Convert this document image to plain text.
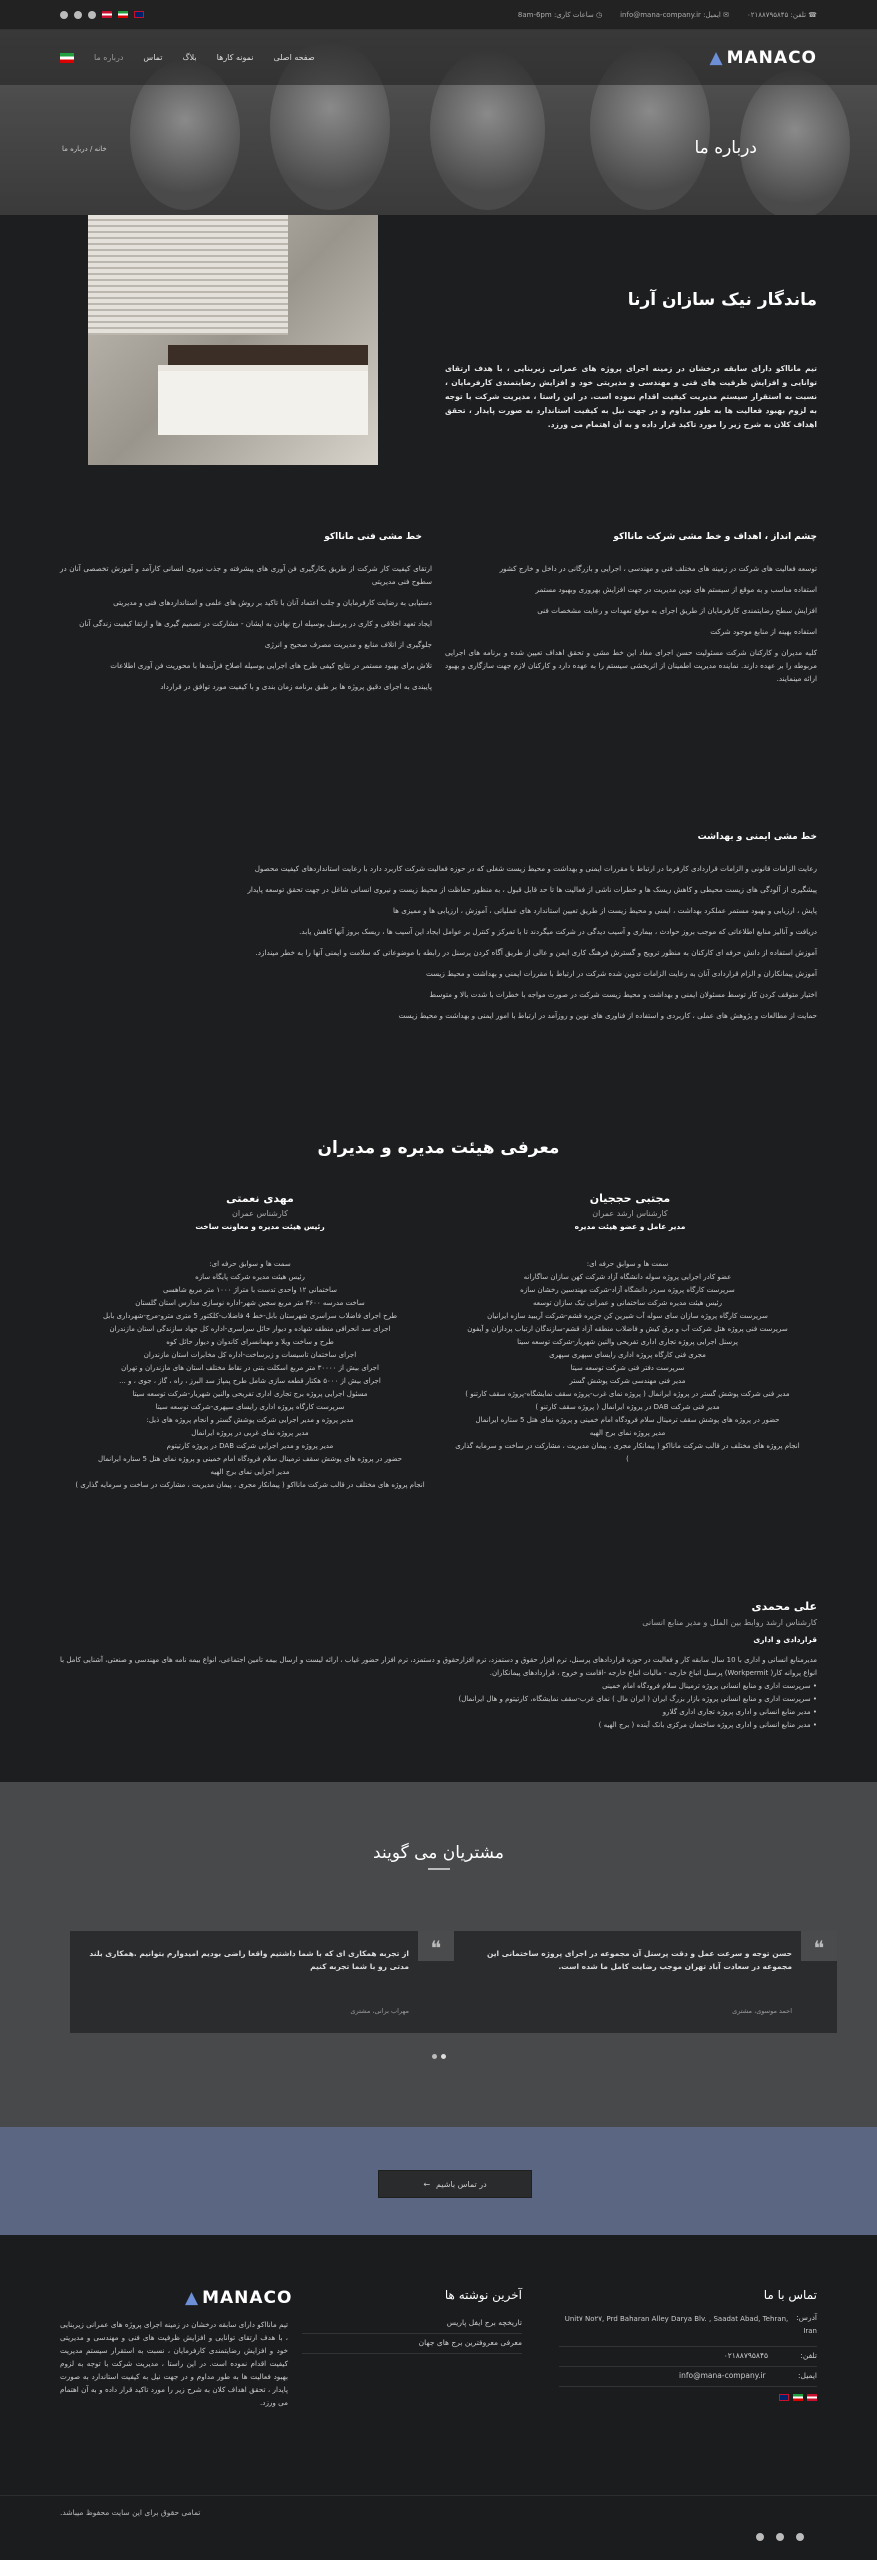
☎ تلفن: ۰۲۱۸۸۷۹۵۸۴۵
✉ ایمیل: info@mana-company.ir
◷ ساعات کاری: 8am-6pm
صفحه اصلی
نمونه کارها
بلاگ
تماس
درباره ما	▲ MANACO
درباره ما
خانه / درباره ما
ماندگار نیک سازان آرنا
تیم مانااکو دارای سابقه درخشان در زمینه اجرای پروژه های عمرانی زیربنایی ، با هدف ارتقای توانایی و افزایش ظرفیت های فنی و مهندسی و مدیریتی خود و افزایش رضایتمندی کارفرمایان ، نسبت به استقرار سیستم مدیریت کیفیت اقدام نموده است. در این راستا ، مدیریت شرکت با توجه به لزوم بهبود فعالیت ها به طور مداوم و در جهت نیل به کیفیت استاندارد به صورت پایدار ، تحقق اهداف کلان به شرح زیر را مورد تاکید قرار داده و به آن اهتمام می ورزد.
چشم انداز ، اهداف و خط مشی شرکت مانااکو
توسعه فعالیت های شرکت در زمینه های مختلف فنی و مهندسی ، اجرایی و بازرگانی در داخل و خارج کشور
استفاده مناسب و به موقع از سیستم های نوین مدیریت در جهت افزایش بهروری وبهبود مستمر
افزایش سطح رضایتمندی کارفرمایان از طریق اجرای به موقع تعهدات و رعایت مشخصات فنی
استفاده بهینه از منابع موجود شرکت
کلیه مدیران و کارکنان شرکت مسئولیت حسن اجرای مفاد این خط مشی و تحقق اهداف تعیین شده و برنامه های اجرایی مربوطه را بر عهده دارند. نماینده مدیریت اطمینان از اثربخشی سیستم را به عهده دارد و کارکنان لازم جهت سازگاری و بهبود ارائه مینمایند.
خط مشی فنی مانااکو
ارتقای کیفیت کار شرکت از طریق بکارگیری فن آوری های پیشرفته و جذب نیروی انسانی کارآمد و آموزش تخصصی آنان در سطوح فنی مدیریتی
دستیابی به رضایت کارفرمایان و جلب اعتماد آنان با تاکید بر روش های علمی و استانداردهای فنی و مدیریتی
ایجاد تعهد اخلاقی و کاری در پرسنل بوسیله ارج نهادن به ایشان - مشارکت در تصمیم گیری ها و ارتقا کیفیت زندگی آنان
جلوگیری از اتلاف منابع و مدیریت مصرف صحیح و انرژی
تلاش برای بهبود مستمر در نتایج کیفی طرح های اجرایی بوسیله اصلاح فرآیندها با محوریت فن آوری اطلاعات
پایبندی به اجرای دقیق پروژه ها بر طبق برنامه زمان بندی و با کیفیت مورد توافق در قرارداد
خط مشی ایمنی و بهداشت
رعایت الزامات قانونی و الزامات قراردادی کارفرما در ارتباط با مقررات ایمنی و بهداشت و محیط زیست شغلی که در حوزه فعالیت شرکت کاربرد دارد با رعایت استانداردهای کیفیت محصول
پیشگیری از آلودگی های زیست محیطی و کاهش ریسک ها و خطرات ناشی از فعالیت ها تا حد قابل قبول ، به منظور حفاظت از محیط زیست و نیروی انسانی شاغل در جهت تحقق توسعه پایدار
پایش ، ارزیابی و بهبود مستمر عملکرد بهداشت ، ایمنی و محیط زیست از طریق تعیین استاندارد های عملیاتی ، آموزش ، ارزیابی ها و ممیزی ها
دریافت و آنالیز منابع اطلاعاتی که موجب بروز حوادث ، بیماری و آسیب دیدگی در شرکت میگردند تا با تمرکز و کنترل بر عوامل ایجاد این آسیب ها ، ریسک بروز آنها کاهش یابد.
آموزش استفاده از دانش حرفه ای کارکنان به منظور ترویج و گسترش فرهنگ کاری ایمن و عالی از طریق آگاه کردن پرسنل در رابطه با موضوعاتی که سلامت و ایمنی آنها را به خطر میندازد.
آموزش پیمانکاران و الزام قراردادی آنان به رعایت الزامات تدوین شده شرکت در ارتباط با مقررات ایمنی و بهداشت و محیط زیست
اختیار متوقف کردن کار توسط مسئولان ایمنی و بهداشت و محیط زیست شرکت در صورت مواجه با خطرات با شدت بالا و متوسط
حمایت از مطالعات و پژوهش های عملی ، کاربردی و استفاده از فناوری های نوین و روزآمد در ارتباط با امور ایمنی و بهداشت و محیط زیست
معرفی هیئت مدیره و مدیران
مجتبی حججیان
کارشناس ارشد عمران
مدیر عامل و عضو هیئت مدیره
سمت ها و سوابق حرفه ای:
عضو کادر اجرایی پروژه سوله دانشگاه آزاد شرکت کهن سازان ساگارانه
سرپرست کارگاه پروژه سردر دانشگاه آزاد-شرکت مهندسین رخشان سازه
رئیس هیئت مدیره شرکت ساختمانی و عمرانی تیک سازان توسعه
سرپرست کارگاه پروژه سازان سای سوله آب شیرین کن جزیره قشم-شرکت آریبید سازه ایرانیان
سرپرست فنی پروژه هتل شرکت آب و برق کیش و فاضلاب منطقه آزاد قشم-سازندگان ارتباب پردازان و آیفون
پرسنل اجرایی پروژه تجاری اداری تفریحی والنین شهریار-شرکت توسعه سیتا
مجری فنی کارگاه پروژه اداری رایسای سپهری سپهری
سرپرست دفتر فنی شرکت توسعه سیتا
مدیر فنی مهندسی شرکت پوشش گستر
مدیر فنی شرکت پوشش گستر در پروژه ایرانمال ( پروژه نمای غرب-پروژه سقف نمایشگاه-پروژه سقف کارتنو )
مدیر فنی شرکت DAB در پروژه ایرانمال ( پروژه سقف کارتنو )
حضور در پروژه های پوشش سقف ترمینال سلام فرودگاه امام خمینی و پروژه نمای هتل 5 ستاره ایرانمال
مدیر پروژه نمای برج الهیه
انجام پروژه های مختلف در قالب شرکت مانااکو ( پیمانکار مجری ، پیمان مدیریت ، مشارکت در ساخت و سرمایه گذاری )
مهدی نعمتی
کارشناس عمران
رئیس هیئت مدیره و معاونت ساخت
سمت ها و سوابق حرفه ای:
رئیس هیئت مدیره شرکت پایگاه سازه
ساختمانی ۱۲ واحدی تدست با متراژ ۱۰۰۰ متر مربع شاهسی
ساخت مدرسه ۳۶۰۰ متر مربع سجین شهر-اداره نوسازی مدارس استان گلستان
طرح اجرای فاضلاب سراسری شهرستان بابل-خط 4 فاضلاب-کلکتور 5 متری مترو-مرج-شهرداری بابل
اجرای سد انحرافی منطقه شهاده و دیوار حائل سراسری-اداره کل جهاد سازندگی استان مازندران
طرح و ساخت ویلا و مهمانسرای کاندوان و دیوار حائل کوه
اجرای ساختمان تاسیسات و زیرساخت-اداره کل مخابرات استان مازندران
اجرای بیش از ۳۰۰۰۰ متر مربع اسکلت بتنی در نقاط مختلف استان های مازندران و تهران
اجرای بیش از ۵۰۰۰ هکتار قطعه سازی شامل طرح پمپاژ سد البرز ، راه ، گاز ، جوی ، و ...
مسئول اجرایی پروژه برج تجاری اداری تفریحی والنین شهریار-شرکت توسعه سیتا
سرپرست کارگاه پروژه اداری رایسای سپهری-شرکت توسعه سیتا
مدیر پروژه و مدیر اجرایی شرکت پوشش گستر و انجام پروژه های ذیل:
مدیر پروژه نمای غربی در پروژه ایرانمال
مدیر پروژه و مدیر اجرایی شرکت DAB در پروژه کارتیتوم
حضور در پروژه های پوشش سقف ترمینال سلام فرودگاه امام خمینی و پروژه نمای هتل 5 ستاره ایرانمال
مدیر اجرایی نمای برج الهیه
انجام پروژه های مختلف در قالب شرکت مانااکو ( پیمانکار مجری ، پیمان مدیریت ، مشارکت در ساخت و سرمایه گذاری )
علی محمدی
کارشناس ارشد روابط بین الملل و مدیر منابع انسانی
قراردادی و اداری
مدیرمنابع انسانی و اداری با 10 سال سابقه کار و فعالیت در حوزه قراردادهای پرسنل، ترم افزار حقوق و دستمزد، ترم افزارحقوق و دستمزد، ترم افزار حضور غیاب ، ارائه لیست و ارسال بیمه تامین اجتماعی، انواع بیمه نامه های مهندسی و صنعتی، آشنایی کامل با انواع پروانه کار( Workpermit) پرسنل اتباع خارجه - مالیات اتباع خارجه -اقامت و خروج ، قراردادهای پیمانکاران.
• سرپرست اداری و منابع انسانی پروژه ترمینال سلام فرودگاه امام خمینی
• سرپرست اداری و منابع انسانی پروژه بازار بزرگ ایران ( ایران مال ) نمای غرب-سقف نمایشگاه، کارتیتوم و هال ایرانمال)
• مدیر منابع انسانی و اداری پروژه تجاری اداری گلارو
• مدیر منابع انسانی و اداری پروژه ساختمان مرکزی بانک آینده ( برج الهیه )
مشتریان می گویند
❝
حسن توجه و سرعت عمل و دقت پرسنل آن مجموعه در اجرای پروژه ساختمانی این مجموعه در سعادت آباد تهران موجب رضایت کامل ما شده است.
احمد موسوی، مشتری
❝
از تجربه همکاری ای که با شما داشتیم واقعا راضی بودیم امیدوارم بتوانیم .همکاری بلند مدتی رو با شما تجربه کنیم
مهراب برانی، مشتری
در تماس باشیم
←
تماس با ما
آدرس:
Unit۷ No۲۷, Prd Baharan Alley Darya Blv. , Saadat Abad, Tehran, Iran
تلفن: ۰۲۱۸۸۷۹۵۸۴۵
ایمیل: info@mana-company.ir
آخرین نوشته ها
تاریخچه برج ایفل پاریس
معرفی معروفترین برج های جهان
▲ MANACO
تیم مانااکو دارای سابقه درخشان در زمینه اجرای پروژه های عمرانی زیربنایی ، با هدف ارتقای توانایی و افزایش ظرفیت های فنی و مهندسی و مدیریتی خود و افزایش رضایتمندی کارفرمایان ، نسبت به استقرار سیستم مدیریت کیفیت اقدام نموده است. در این راستا ، مدیریت شرکت با توجه به لزوم بهبود فعالیت ها به طور مداوم و در جهت نیل به کیفیت استاندارد به صورت پایدار ، تحقق اهداف کلان به شرح زیر را مورد تاکید قرار داده و به آن اهتمام می ورزد.
تمامی حقوق برای این سایت محفوظ میباشد.
